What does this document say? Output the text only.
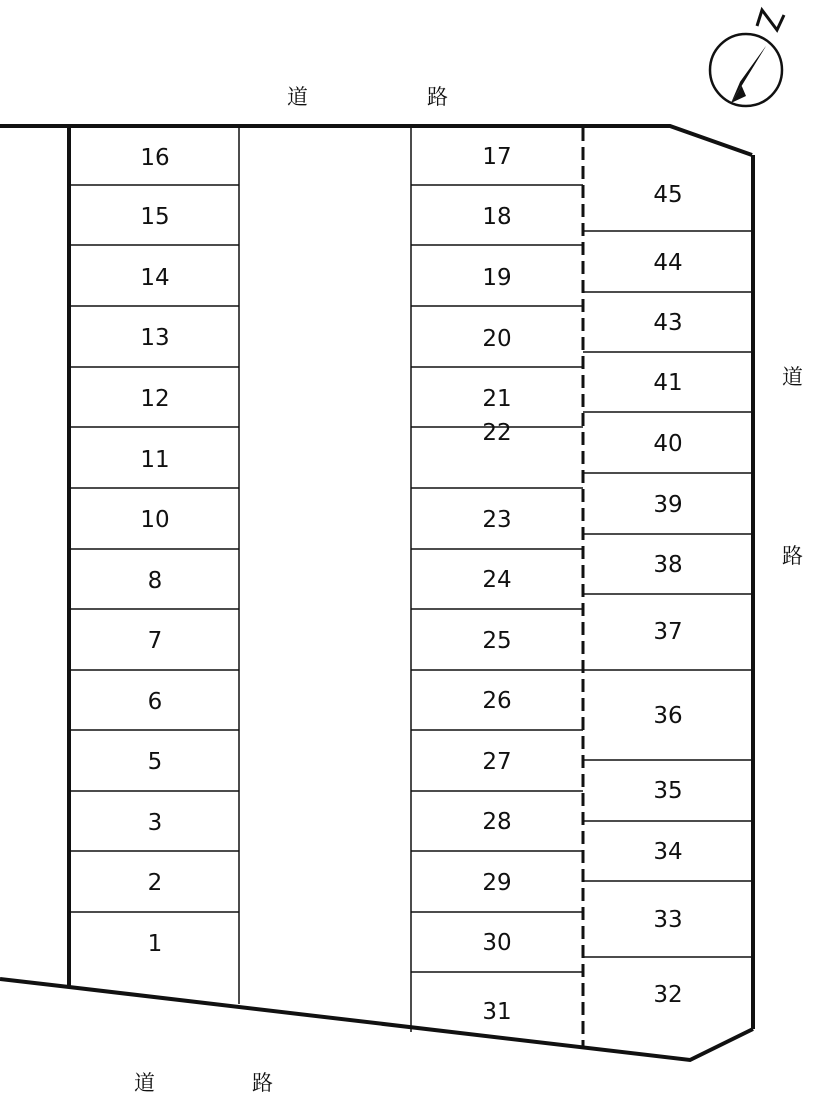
16
15
14
13
12
11
10
8
7
6
5
3
2
1
17
18
19
20
21
22
23
24
25
26
27
28
29
30
31
45
44
43
41
40
39
38
37
36
35
34
33
32
道	路
道	路
道
路
